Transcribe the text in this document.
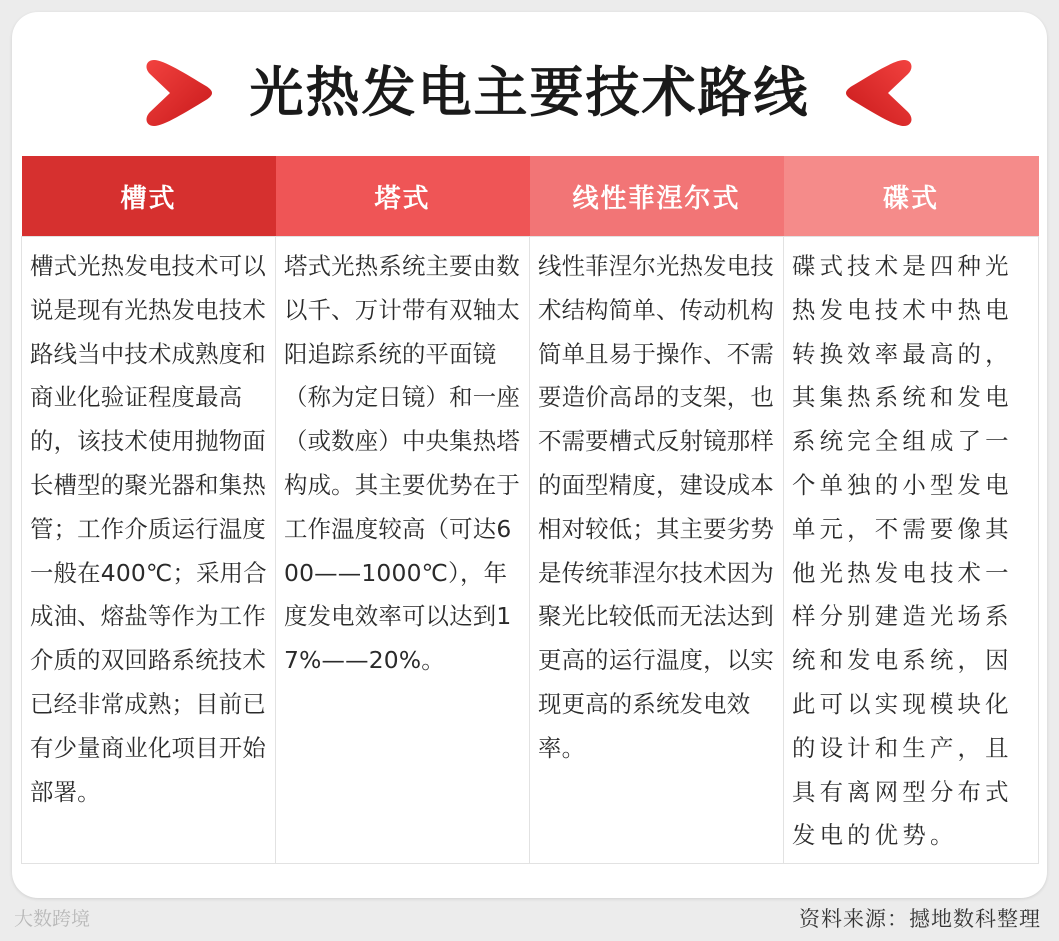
光热发电主要技术路线
槽式	塔式	线性菲涅尔式	碟式
槽式光热发电技术可以说是现有光热发电技术路线当中技术成熟度和商业化验证程度最高的，该技术使用抛物面长槽型的聚光器和集热管；工作介质运行温度一般在400℃；采用合成油、熔盐等作为工作介质的双回路系统技术已经非常成熟；目前已有少量商业化项目开始部署。	塔式光热系统主要由数以千、万计带有双轴太阳追踪系统的平面镜（称为定日镜）和一座（或数座）中央集热塔构成。其主要优势在于工作温度较高（可达600——1000℃），年度发电效率可以达到17%——20%。	线性菲涅尔光热发电技术结构简单、传动机构简单且易于操作、不需要造价高昂的支架，也不需要槽式反射镜那样的面型精度，建设成本相对较低；其主要劣势是传统菲涅尔技术因为聚光比较低而无法达到更高的运行温度，以实现更高的系统发电效率。	碟式技术是四种光热发电技术中热电转换效率最高的，其集热系统和发电系统完全组成了一个单独的小型发电单元，不需要像其他光热发电技术一样分别建造光场系统和发电系统，因此可以实现模块化的设计和生产，且具有离网型分布式发电的优势。
大数跨境	资料来源：撼地数科整理
